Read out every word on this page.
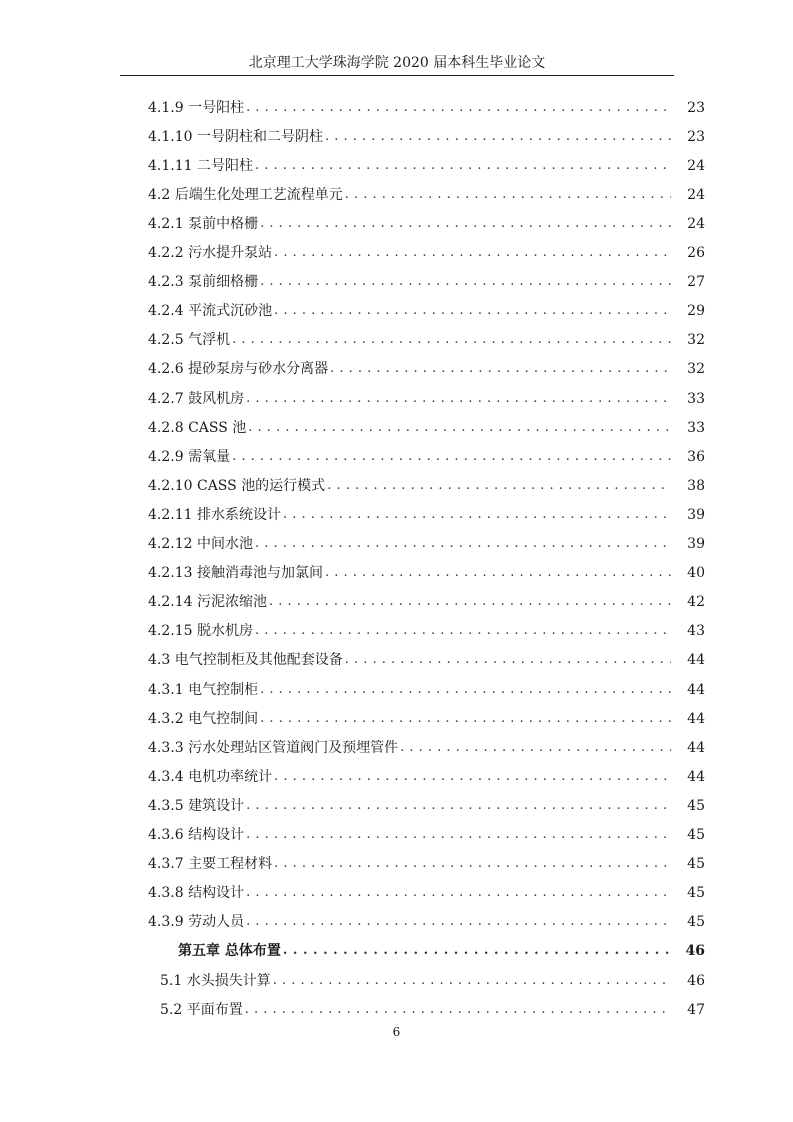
北京理工大学珠海学院 2020 届本科生毕业论文
4.1.9 一号阳柱 . . .	23
4.1.10 一号阴柱和二号阴柱 . . .	23
4.1.11 二号阳柱 . . .	24
4.2 后端生化处理工艺流程单元 . . .	24
4.2.1 泵前中格栅 . . .	24
4.2.2 污水提升泵站 . . .	26
4.2.3 泵前细格栅 . . .	27
4.2.4 平流式沉砂池 . . .	29
4.2.5 气浮机 . . .	32
4.2.6 提砂泵房与砂水分离器 . . .	32
4.2.7 鼓风机房 . . .	33
4.2.8 CASS 池 . . .	33
4.2.9 需氧量 . . .	36
4.2.10 CASS 池的运行模式 . . .	38
4.2.11 排水系统设计 . . .	39
4.2.12 中间水池 . . .	39
4.2.13 接触消毒池与加氯间 . . .	40
4.2.14 污泥浓缩池 . . .	42
4.2.15 脱水机房 . . .	43
4.3 电气控制柜及其他配套设备 . . .	44
4.3.1 电气控制柜 . . .	44
4.3.2 电气控制间 . . .	44
4.3.3 污水处理站区管道阀门及预埋管件 . . .	44
4.3.4 电机功率统计 . . .	44
4.3.5 建筑设计 . . .	45
4.3.6 结构设计 . . .	45
4.3.7 主要工程材料 . . .	45
4.3.8 结构设计 . . .	45
4.3.9 劳动人员 . . .	45
第五章 总体布置 . . .	46
5.1 水头损失计算 . . .	46
5.2 平面布置 . . .	47
6
